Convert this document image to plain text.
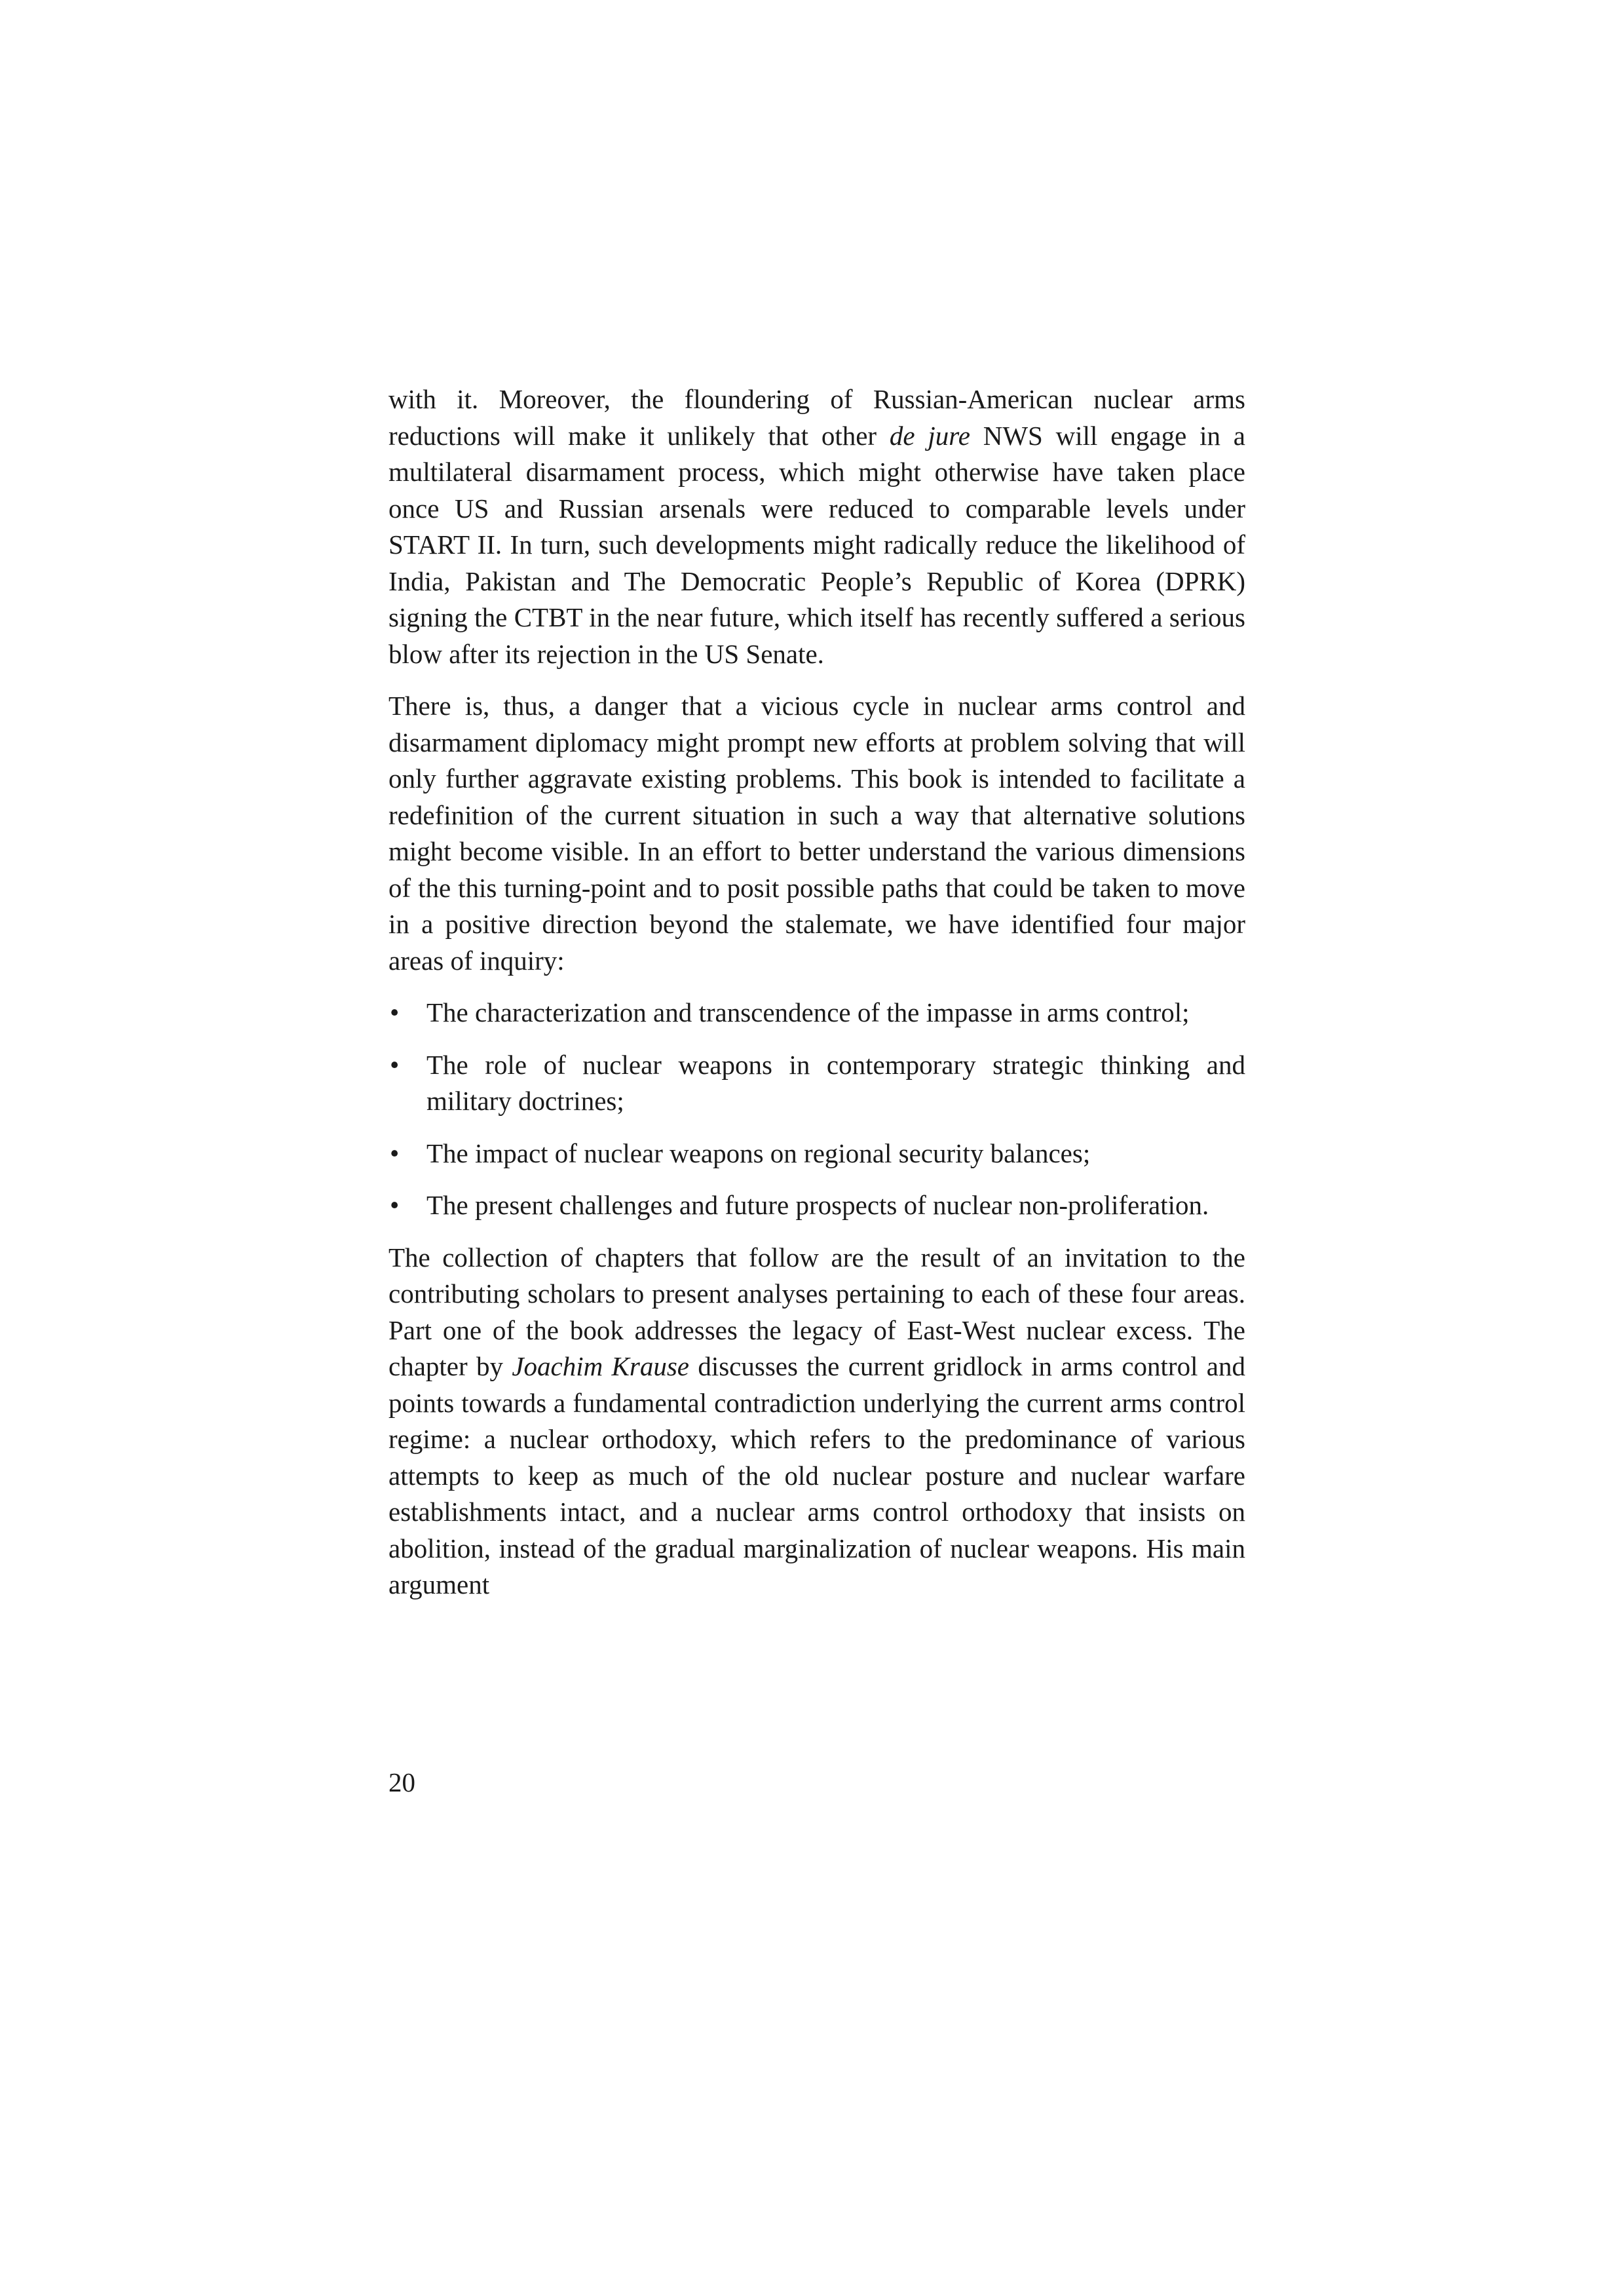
with it. Moreover, the floundering of Russian-American nuclear arms reductions will make it unlikely that other de jure NWS will engage in a multilateral disarmament process, which might otherwise have taken place once US and Russian arsenals were reduced to comparable levels under START II. In turn, such developments might radically reduce the likelihood of India, Pakistan and The Democratic People’s Republic of Korea (DPRK) signing the CTBT in the near future, which itself has recently suffered a serious blow after its rejection in the US Senate.

There is, thus, a danger that a vicious cycle in nuclear arms control and disarmament diplomacy might prompt new efforts at problem solving that will only further aggravate existing problems. This book is intended to facilitate a redefinition of the current situation in such a way that alternative solutions might become visible. In an effort to better understand the various dimensions of the this turning-point and to posit possible paths that could be taken to move in a positive direction beyond the stalemate, we have identified four major areas of inquiry:

•	The characterization and transcendence of the impasse in arms control;
•	The role of nuclear weapons in contemporary strategic thinking and military doctrines;
•	The impact of nuclear weapons on regional security balances;
•	The present challenges and future prospects of nuclear non-proliferation.

The collection of chapters that follow are the result of an invitation to the contributing scholars to present analyses pertaining to each of these four areas. Part one of the book addresses the legacy of East-West nuclear excess. The chapter by Joachim Krause discusses the current gridlock in arms control and points towards a fundamental contradiction underlying the current arms control regime: a nuclear orthodoxy, which refers to the predominance of various attempts to keep as much of the old nuclear posture and nuclear warfare establishments intact, and a nuclear arms control orthodoxy that insists on abolition, instead of the gradual marginalization of nuclear weapons. His main argument

20
